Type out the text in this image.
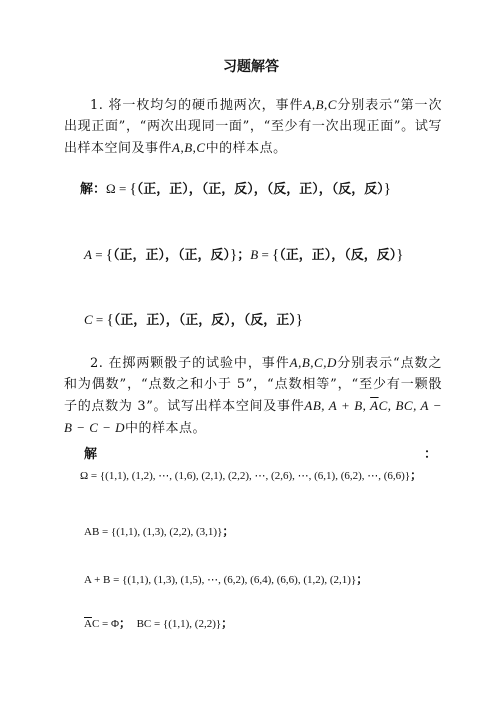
习题解答
1. 将一枚均匀的硬币抛两次，事件A,B,C分别表示“第一次出现正面”，“两次出现同一面”，“至少有一次出现正面”。试写出样本空间及事件A,B,C中的样本点。
解：Ω = {（正，正），（正，反），（反，正），（反，反）}
A = {（正，正），（正，反）}；B = {（正，正），（反，反）}
C = {（正，正），（正，反），（反，正）}
2. 在掷两颗骰子的试验中，事件A,B,C,D分别表示“点数之和为偶数”，“点数之和小于 5”，“点数相等”，“至少有一颗骰子的点数为 3”。试写出样本空间及事件AB, A + B, $\overline{A}C$, BC, A − B − C − D中的样本点。
解	：
Ω = {(1,1), (1,2), ⋯, (1,6), (2,1), (2,2), ⋯, (2,6), ⋯, (6,1), (6,2), ⋯, (6,6)}；
AB = {(1,1), (1,3), (2,2), (3,1)}；
A + B = {(1,1), (1,3), (1,5), ⋯, (6,2), (6,4), (6,6), (1,2), (2,1)}；
$\overline{A}C = \Phi$； BC = {(1,1), (2,2)}；
